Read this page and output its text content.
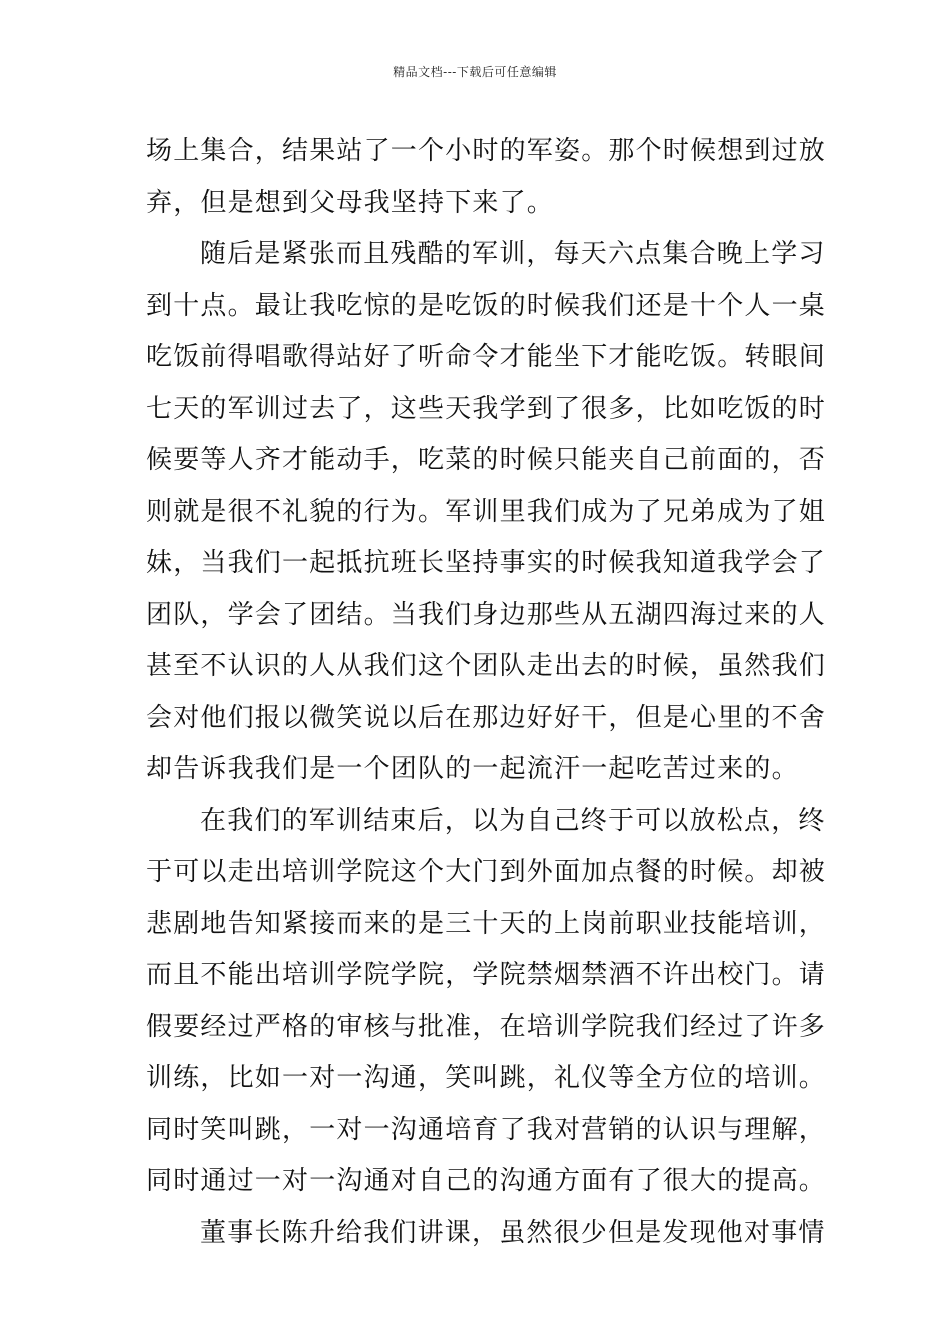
精品文档---下载后可任意编辑
场上集合，结果站了一个小时的军姿。那个时候想到过放
弃，但是想到父母我坚持下来了。
随后是紧张而且残酷的军训，每天六点集合晚上学习
到十点。最让我吃惊的是吃饭的时候我们还是十个人一桌
吃饭前得唱歌得站好了听命令才能坐下才能吃饭。转眼间
七天的军训过去了，这些天我学到了很多，比如吃饭的时
候要等人齐才能动手，吃菜的时候只能夹自己前面的，否
则就是很不礼貌的行为。军训里我们成为了兄弟成为了姐
妹，当我们一起抵抗班长坚持事实的时候我知道我学会了
团队，学会了团结。当我们身边那些从五湖四海过来的人
甚至不认识的人从我们这个团队走出去的时候，虽然我们
会对他们报以微笑说以后在那边好好干，但是心里的不舍
却告诉我我们是一个团队的一起流汗一起吃苦过来的。
在我们的军训结束后，以为自己终于可以放松点，终
于可以走出培训学院这个大门到外面加点餐的时候。却被
悲剧地告知紧接而来的是三十天的上岗前职业技能培训，
而且不能出培训学院学院，学院禁烟禁酒不许出校门。请
假要经过严格的审核与批准，在培训学院我们经过了许多
训练，比如一对一沟通，笑叫跳，礼仪等全方位的培训。
同时笑叫跳，一对一沟通培育了我对营销的认识与理解，
同时通过一对一沟通对自己的沟通方面有了很大的提高。
董事长陈升给我们讲课，虽然很少但是发现他对事情
